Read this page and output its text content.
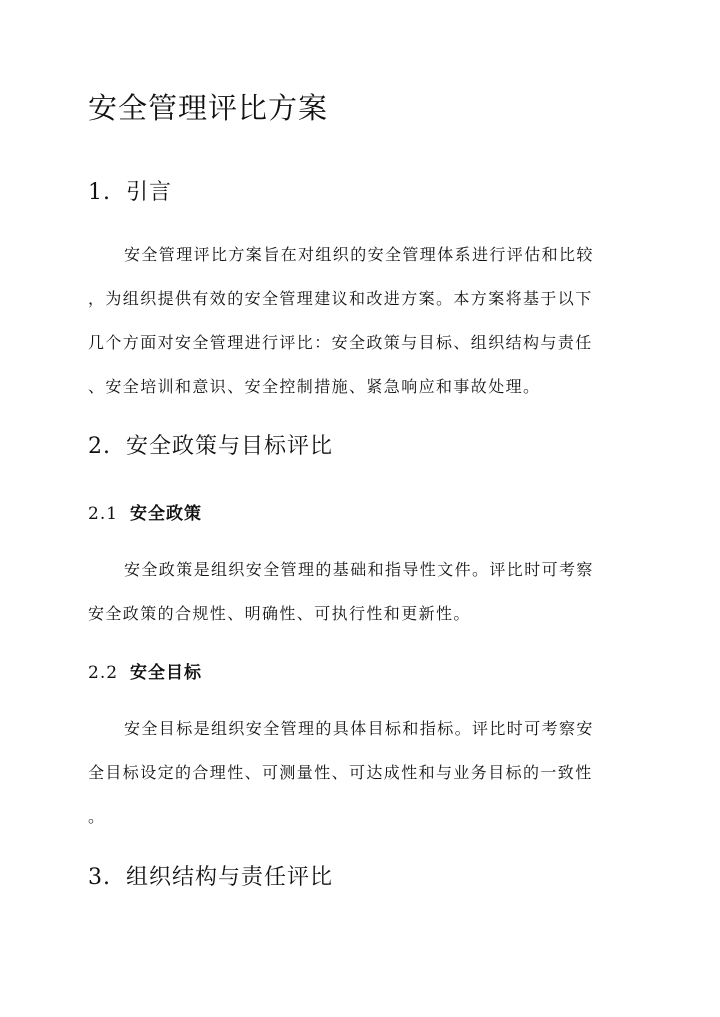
安全管理评比方案
1. 引言
安全管理评比方案旨在对组织的安全管理体系进行评估和比较
，为组织提供有效的安全管理建议和改进方案。本方案将基于以下
几个方面对安全管理进行评比：安全政策与目标、组织结构与责任
、安全培训和意识、安全控制措施、紧急响应和事故处理。
2. 安全政策与目标评比
2.1 安全政策
安全政策是组织安全管理的基础和指导性文件。评比时可考察
安全政策的合规性、明确性、可执行性和更新性。
2.2 安全目标
安全目标是组织安全管理的具体目标和指标。评比时可考察安
全目标设定的合理性、可测量性、可达成性和与业务目标的一致性
。
3. 组织结构与责任评比
